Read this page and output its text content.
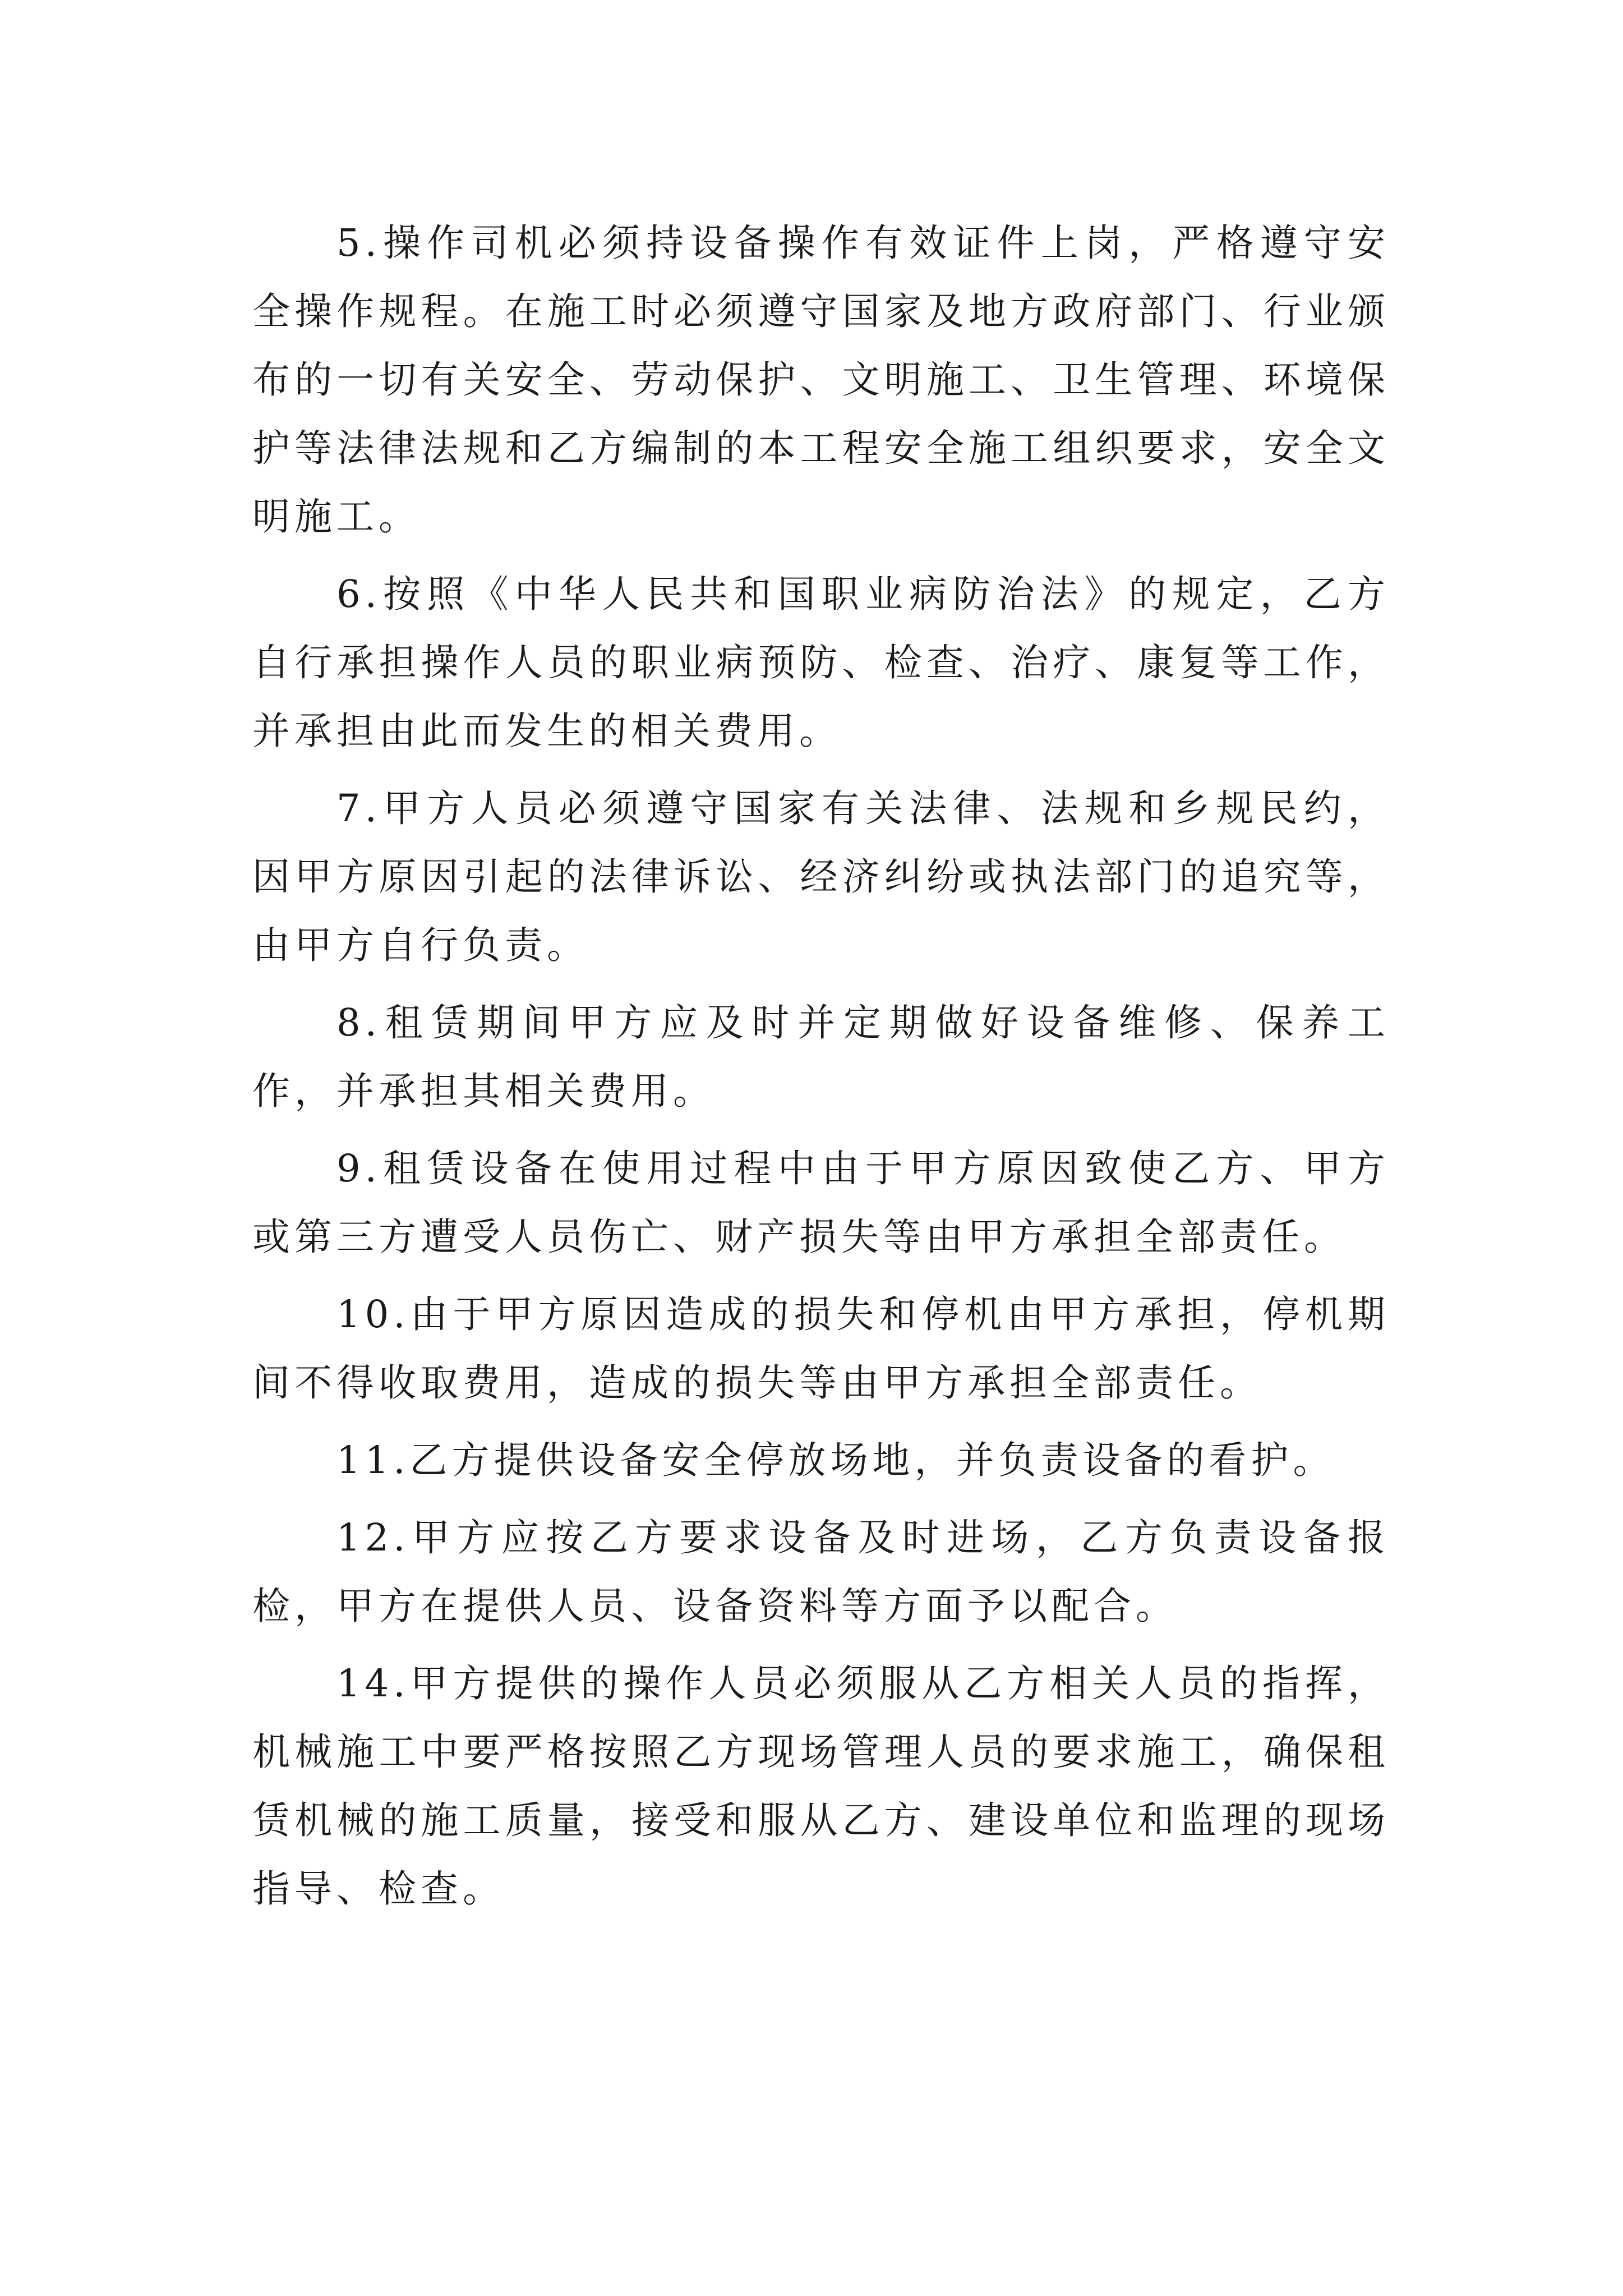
5.操作司机必须持设备操作有效证件上岗，严格遵守安全操作规程。在施工时必须遵守国家及地方政府部门、行业颁布的一切有关安全、劳动保护、文明施工、卫生管理、环境保护等法律法规和乙方编制的本工程安全施工组织要求，安全文明施工。

6.按照《中华人民共和国职业病防治法》的规定，乙方自行承担操作人员的职业病预防、检查、治疗、康复等工作，并承担由此而发生的相关费用。

7.甲方人员必须遵守国家有关法律、法规和乡规民约，因甲方原因引起的法律诉讼、经济纠纷或执法部门的追究等，由甲方自行负责。

8.租赁期间甲方应及时并定期做好设备维修、保养工作，并承担其相关费用。

9.租赁设备在使用过程中由于甲方原因致使乙方、甲方或第三方遭受人员伤亡、财产损失等由甲方承担全部责任。

10.由于甲方原因造成的损失和停机由甲方承担，停机期间不得收取费用，造成的损失等由甲方承担全部责任。

11.乙方提供设备安全停放场地，并负责设备的看护。

12.甲方应按乙方要求设备及时进场，乙方负责设备报检，甲方在提供人员、设备资料等方面予以配合。

14.甲方提供的操作人员必须服从乙方相关人员的指挥，机械施工中要严格按照乙方现场管理人员的要求施工，确保租赁机械的施工质量，接受和服从乙方、建设单位和监理的现场指导、检查。
